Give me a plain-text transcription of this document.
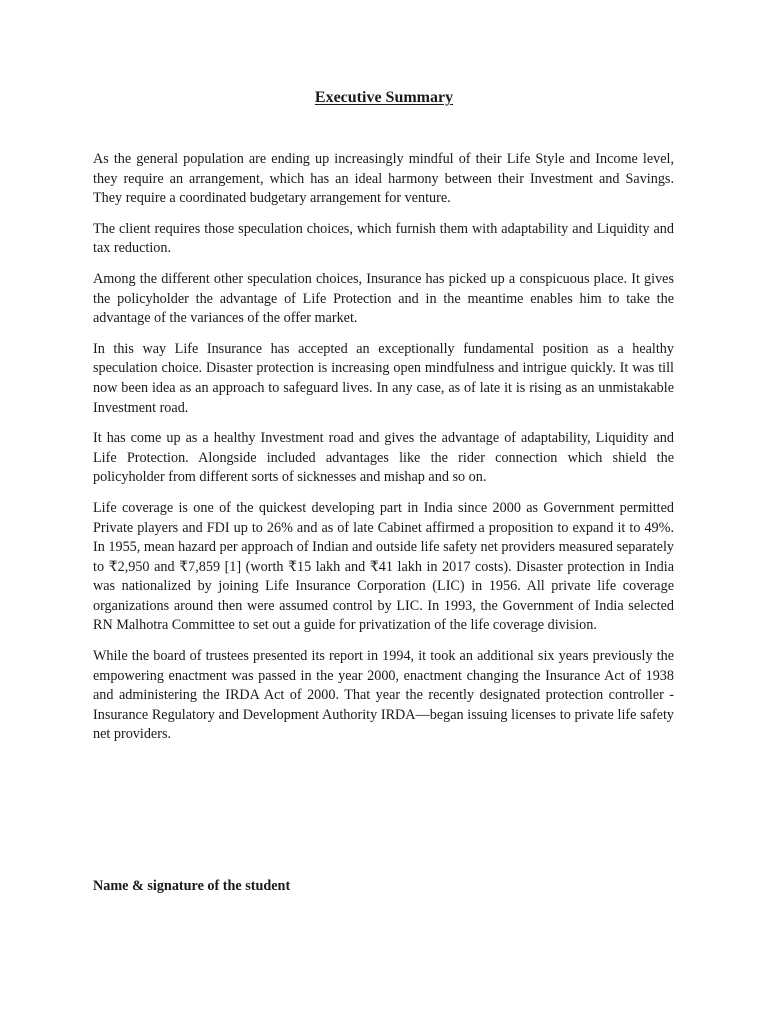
Executive Summary

As the general population are ending up increasingly mindful of their Life Style and Income level, they require an arrangement, which has an ideal harmony between their Investment and Savings. They require a coordinated budgetary arrangement for venture.

The client requires those speculation choices, which furnish them with adaptability and Liquidity and tax reduction.

Among the different other speculation choices, Insurance has picked up a conspicuous place. It gives the policyholder the advantage of Life Protection and in the meantime enables him to take the advantage of the variances of the offer market.

In this way Life Insurance has accepted an exceptionally fundamental position as a healthy speculation choice. Disaster protection is increasing open mindfulness and intrigue quickly. It was till now been idea as an approach to safeguard lives. In any case, as of late it is rising as an unmistakable Investment road.

It has come up as a healthy Investment road and gives the advantage of adaptability, Liquidity and Life Protection. Alongside included advantages like the rider connection which shield the policyholder from different sorts of sicknesses and mishap and so on.

Life coverage is one of the quickest developing part in India since 2000 as Government permitted Private players and FDI up to 26% and as of late Cabinet affirmed a proposition to expand it to 49%. In 1955, mean hazard per approach of Indian and outside life safety net providers measured separately to ₹2,950 and ₹7,859 [1] (worth ₹15 lakh and ₹41 lakh in 2017 costs). Disaster protection in India was nationalized by joining Life Insurance Corporation (LIC) in 1956. All private life coverage organizations around then were assumed control by LIC. In 1993, the Government of India selected RN Malhotra Committee to set out a guide for privatization of the life coverage division.

While the board of trustees presented its report in 1994, it took an additional six years previously the empowering enactment was passed in the year 2000, enactment changing the Insurance Act of 1938 and administering the IRDA Act of 2000. That year the recently designated protection controller - Insurance Regulatory and Development Authority IRDA—began issuing licenses to private life safety net providers.

Name & signature of the student
